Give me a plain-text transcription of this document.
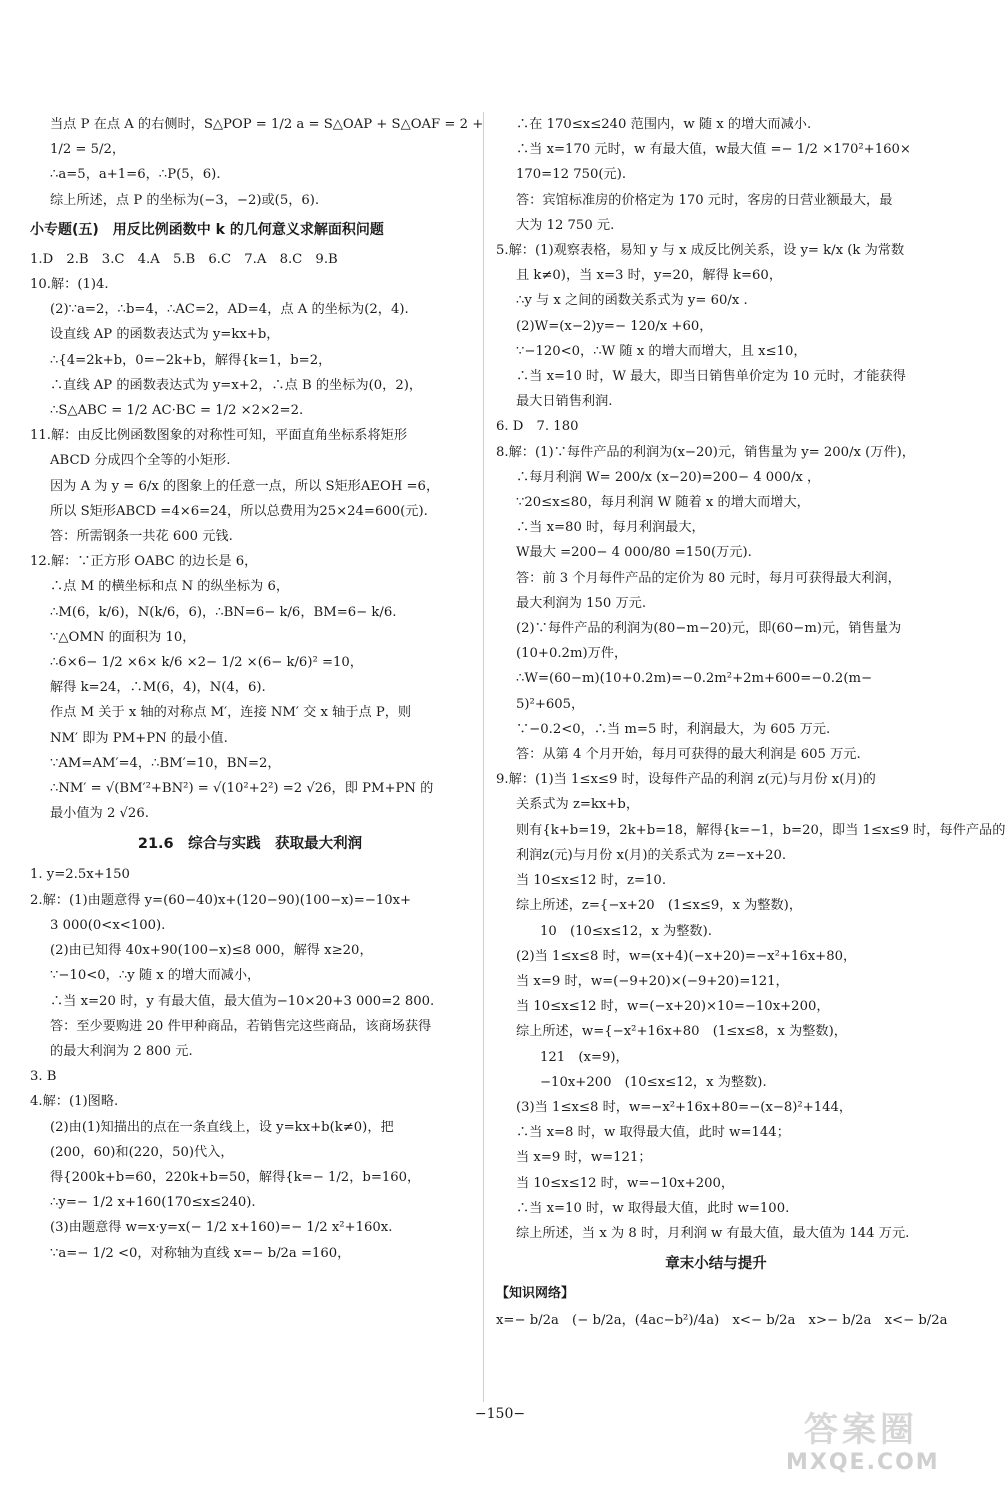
当点 P 在点 A 的右侧时，S△POP = 1/2 a = S△OAP + S△OAF = 2 +
1/2 = 5/2，
∴a=5，a+1=6，∴P(5，6).
综上所述，点 P 的坐标为(−3，−2)或(5，6).
小专题(五)　用反比例函数中 k 的几何意义求解面积问题
1.D　2.B　3.C　4.A　5.B　6.C　7.A　8.C　9.B
10.解：(1)4.
(2)∵a=2，∴b=4，∴AC=2，AD=4，点 A 的坐标为(2，4).
设直线 AP 的函数表达式为 y=kx+b，
∴{4=2k+b，0=−2k+b，解得{k=1，b=2，
∴直线 AP 的函数表达式为 y=x+2，∴点 B 的坐标为(0，2)，
∴S△ABC = 1/2 AC·BC = 1/2 ×2×2=2.
11.解：由反比例函数图象的对称性可知，平面直角坐标系将矩形
ABCD 分成四个全等的小矩形.
因为 A 为 y = 6/x 的图象上的任意一点，所以 S矩形AEOH =6，
所以 S矩形ABCD =4×6=24，所以总费用为25×24=600(元).
答：所需钢条一共花 600 元钱.
12.解：∵正方形 OABC 的边长是 6，
∴点 M 的横坐标和点 N 的纵坐标为 6，
∴M(6，k/6)，N(k/6，6)，∴BN=6− k/6，BM=6− k/6.
∵△OMN 的面积为 10，
∴6×6− 1/2 ×6× k/6 ×2− 1/2 ×(6− k/6)² =10，
解得 k=24，∴M(6，4)，N(4，6).
作点 M 关于 x 轴的对称点 M′，连接 NM′ 交 x 轴于点 P，则
NM′ 即为 PM+PN 的最小值.
∵AM=AM′=4，∴BM′=10，BN=2，
∴NM′ = √(BM′²+BN²) = √(10²+2²) =2 √26，即 PM+PN 的
最小值为 2 √26.
21.6　综合与实践　获取最大利润
1. y=2.5x+150
2.解：(1)由题意得 y=(60−40)x+(120−90)(100−x)=−10x+
3 000(0<x<100).
(2)由已知得 40x+90(100−x)≤8 000，解得 x≥20，
∵−10<0，∴y 随 x 的增大而减小，
∴当 x=20 时，y 有最大值，最大值为−10×20+3 000=2 800.
答：至少要购进 20 件甲种商品，若销售完这些商品，该商场获得
的最大利润为 2 800 元.
3. B
4.解：(1)图略.
(2)由(1)知描出的点在一条直线上，设 y=kx+b(k≠0)，把
(200，60)和(220，50)代入，
得{200k+b=60，220k+b=50，解得{k=− 1/2，b=160，
∴y=− 1/2 x+160(170≤x≤240).
(3)由题意得 w=x·y=x(− 1/2 x+160)=− 1/2 x²+160x.
∵a=− 1/2 <0，对称轴为直线 x=− b/2a =160，
∴在 170≤x≤240 范围内，w 随 x 的增大而减小.
∴当 x=170 元时，w 有最大值，w最大值 =− 1/2 ×170²+160×
170=12 750(元).
答：宾馆标准房的价格定为 170 元时，客房的日营业额最大，最
大为 12 750 元.
5.解：(1)观察表格，易知 y 与 x 成反比例关系，设 y= k/x (k 为常数
且 k≠0)，当 x=3 时，y=20，解得 k=60，
∴y 与 x 之间的函数关系式为 y= 60/x .
(2)W=(x−2)y=− 120/x +60，
∵−120<0，∴W 随 x 的增大而增大，且 x≤10，
∴当 x=10 时，W 最大，即当日销售单价定为 10 元时，才能获得
最大日销售利润.
6. D　7. 180
8.解：(1)∵每件产品的利润为(x−20)元，销售量为 y= 200/x (万件)，
∴每月利润 W= 200/x (x−20)=200− 4 000/x ，
∵20≤x≤80，每月利润 W 随着 x 的增大而增大，
∴当 x=80 时，每月利润最大，
W最大 =200− 4 000/80 =150(万元).
答：前 3 个月每件产品的定价为 80 元时，每月可获得最大利润，
最大利润为 150 万元.
(2)∵每件产品的利润为(80−m−20)元，即(60−m)元，销售量为
(10+0.2m)万件，
∴W=(60−m)(10+0.2m)=−0.2m²+2m+600=−0.2(m−
5)²+605，
∵−0.2<0，∴当 m=5 时，利润最大，为 605 万元.
答：从第 4 个月开始，每月可获得的最大利润是 605 万元.
9.解：(1)当 1≤x≤9 时，设每件产品的利润 z(元)与月份 x(月)的
关系式为 z=kx+b，
则有{k+b=19，2k+b=18，解得{k=−1，b=20，即当 1≤x≤9 时，每件产品的
利润z(元)与月份 x(月)的关系式为 z=−x+20.
当 10≤x≤12 时，z=10.
综上所述，z={−x+20　(1≤x≤9，x 为整数)，
10　(10≤x≤12，x 为整数).
(2)当 1≤x≤8 时，w=(x+4)(−x+20)=−x²+16x+80，
当 x=9 时，w=(−9+20)×(−9+20)=121，
当 10≤x≤12 时，w=(−x+20)×10=−10x+200，
综上所述，w={−x²+16x+80　(1≤x≤8，x 为整数)，
121　(x=9)，
−10x+200　(10≤x≤12，x 为整数).
(3)当 1≤x≤8 时，w=−x²+16x+80=−(x−8)²+144，
∴当 x=8 时，w 取得最大值，此时 w=144；
当 x=9 时，w=121；
当 10≤x≤12 时，w=−10x+200，
∴当 x=10 时，w 取得最大值，此时 w=100.
综上所述，当 x 为 8 时，月利润 w 有最大值，最大值为 144 万元.
章末小结与提升
【知识网络】
x=− b/2a　(− b/2a，(4ac−b²)/4a)　x<− b/2a　x>− b/2a　x<− b/2a
−150−	答案圈
MXQE.COM
